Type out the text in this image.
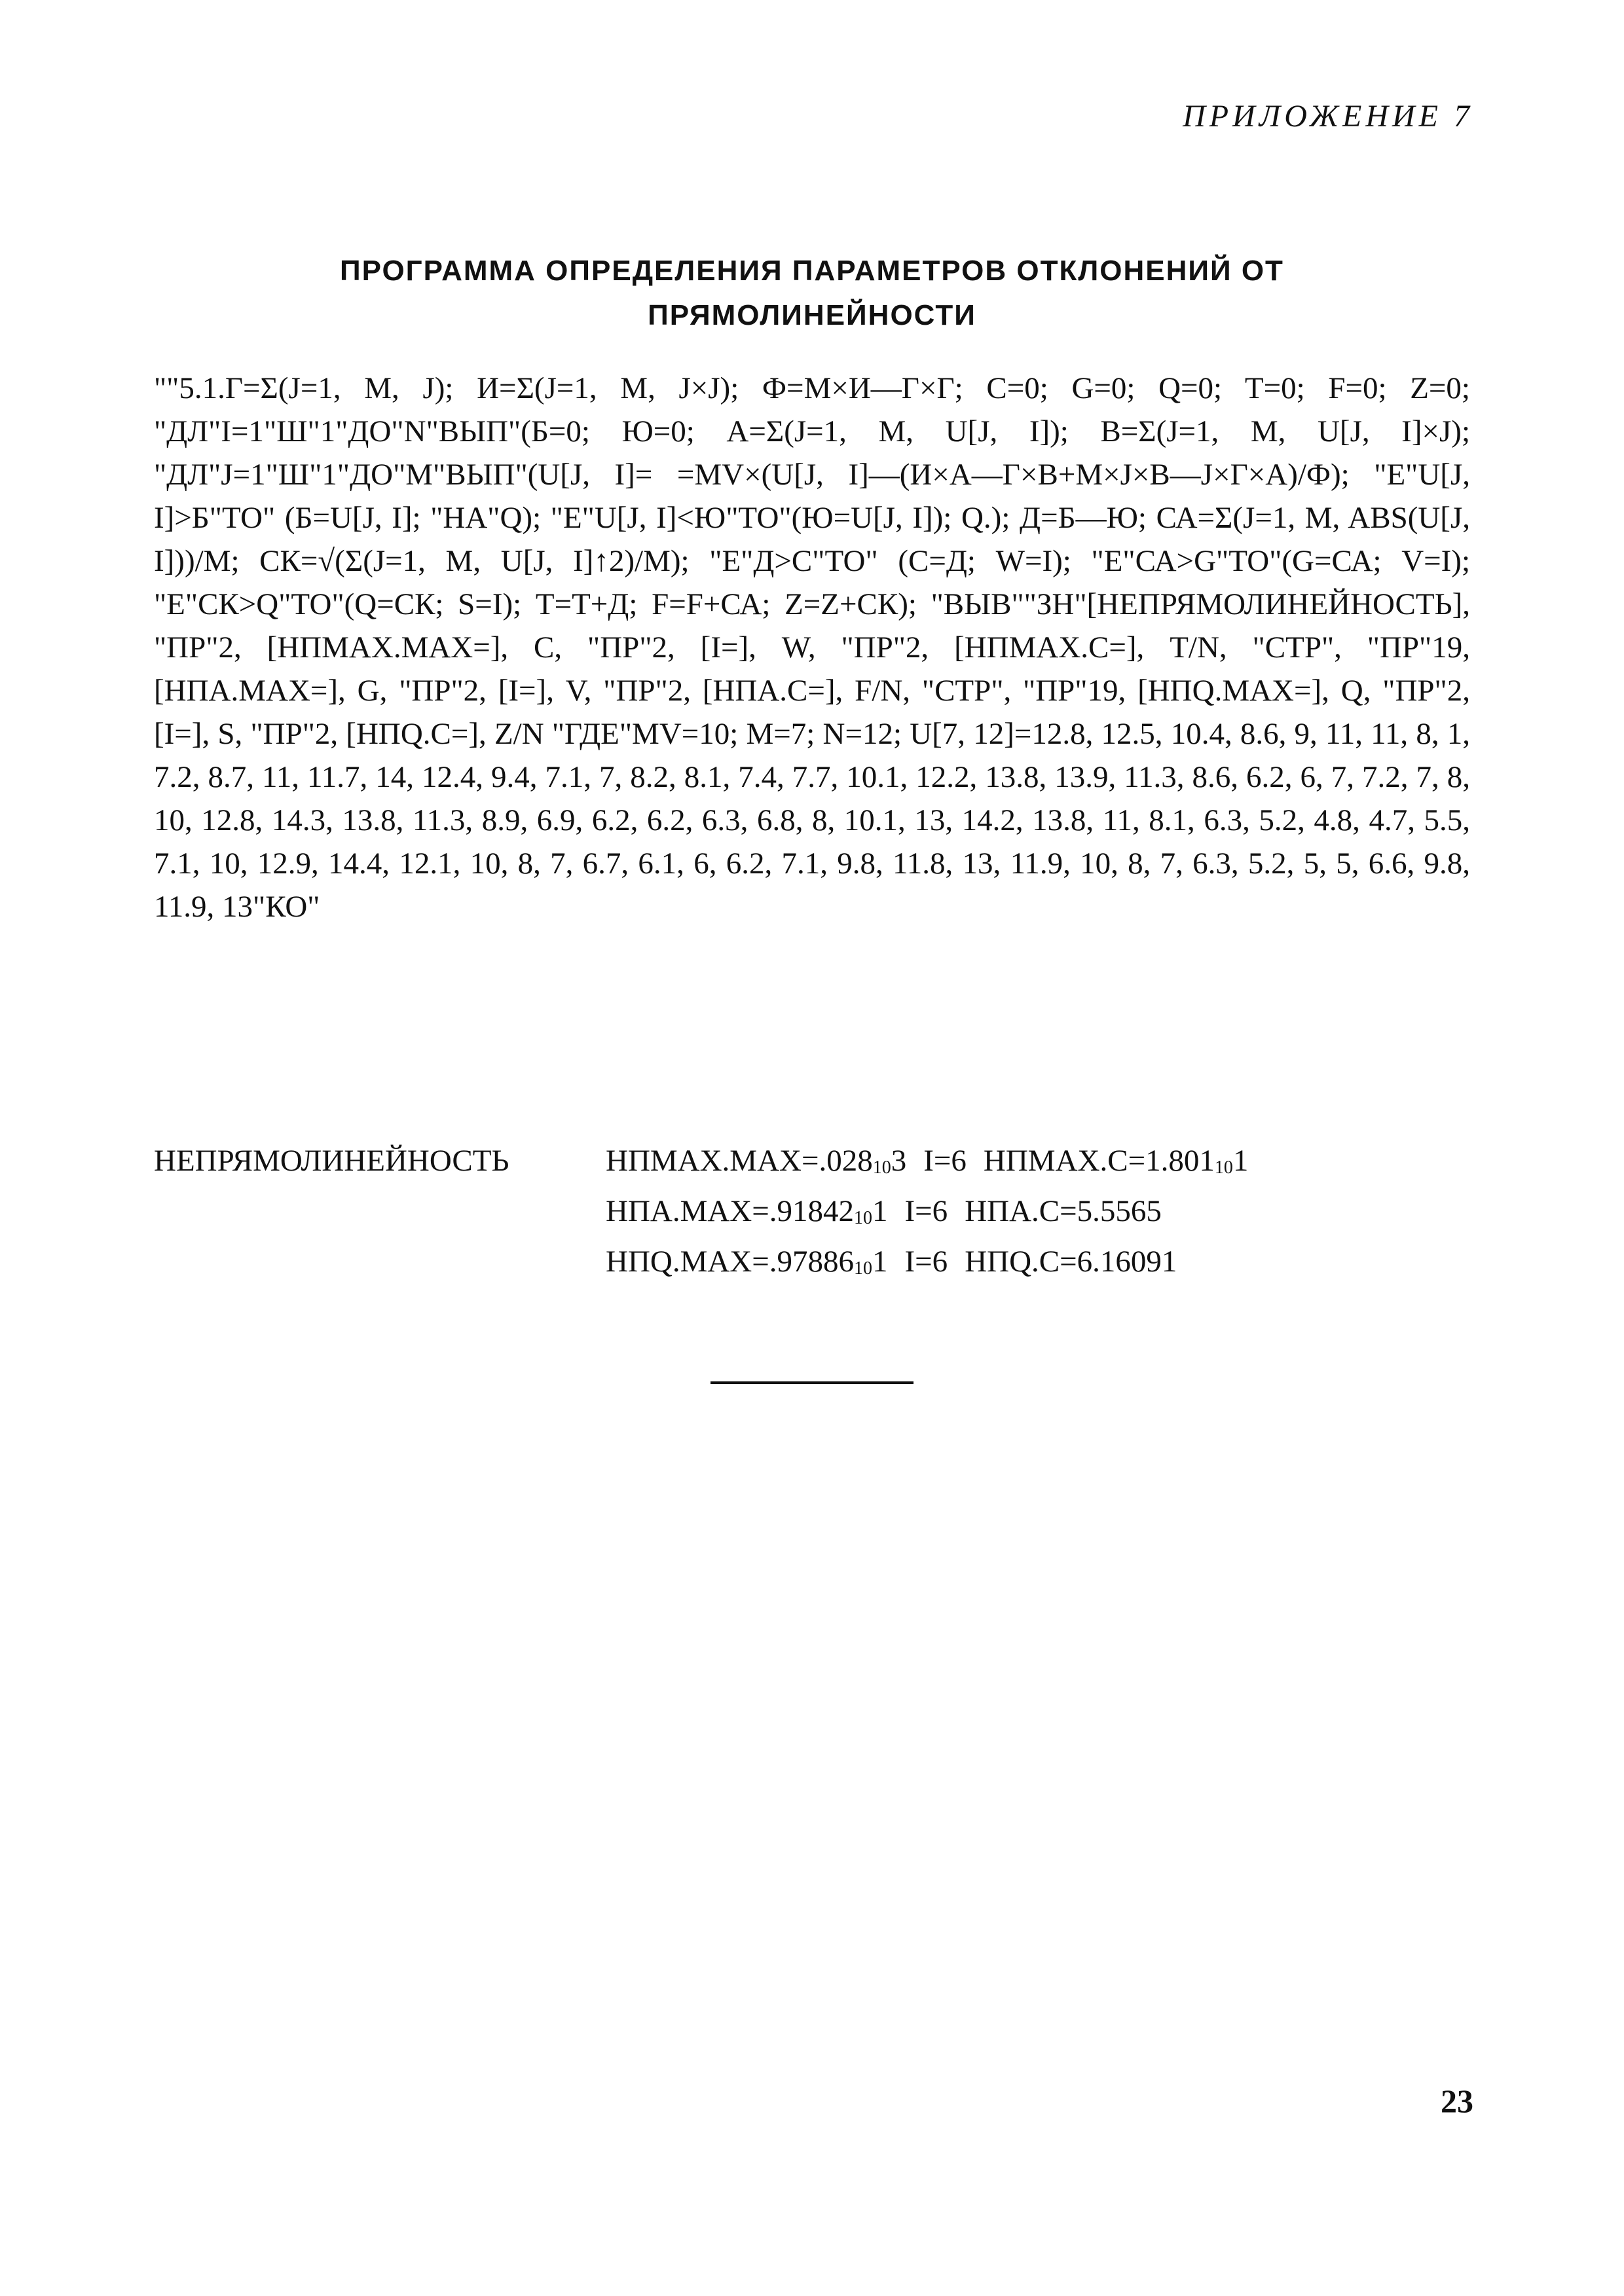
ПРИЛОЖЕНИЕ 7
ПРОГРАММА ОПРЕДЕЛЕНИЯ ПАРАМЕТРОВ ОТКЛОНЕНИЙ ОТ
ПРЯМОЛИНЕЙНОСТИ

""5.1.Г=Σ(J=1, M, J); И=Σ(J=1, M, J×J); Ф=M×И—Г×Г; С=0; G=0; Q=0; T=0; F=0; Z=0; "ДЛ"I=1"Ш"1"ДО"N"ВЫП"(Б=0; Ю=0; А=Σ(J=1, M, U[J, I]); В=Σ(J=1, M, U[J, I]×J); "ДЛ"J=1"Ш"1"ДО"M"ВЫП"(U[J, I]= =MV×(U[J, I]—(И×А—Г×В+M×J×В—J×Г×А)/Ф); "Е"U[J, I]>Б"ТО" (Б=U[J, I]; "НА"Q); "Е"U[J, I]<Ю"ТО"(Ю=U[J, I]); Q.); Д=Б—Ю; СА=Σ(J=1, M, ABS(U[J, I]))/M; СК=√(Σ(J=1, M, U[J, I]↑2)/M); "Е"Д>С"ТО" (С=Д; W=I); "Е"СА>G"ТО"(G=СА; V=I); "Е"СК>Q"ТО"(Q=СК; S=I); T=T+Д; F=F+СА; Z=Z+СК); "ВЫВ""ЗН"[НЕПРЯМОЛИНЕЙНОСТЬ], "ПР"2, [НПМАХ.МАХ=], С, "ПР"2, [I=], W, "ПР"2, [НПМАХ.С=], T/N, "СТР", "ПР"19, [НПА.МАХ=], G, "ПР"2, [I=], V, "ПР"2, [НПА.С=], F/N, "СТР", "ПР"19, [НПQ.МАХ=], Q, "ПР"2, [I=], S, "ПР"2, [НПQ.С=], Z/N "ГДЕ"MV=10; M=7; N=12; U[7, 12]=12.8, 12.5, 10.4, 8.6, 9, 11, 11, 8, 1, 7.2, 8.7, 11, 11.7, 14, 12.4, 9.4, 7.1, 7, 8.2, 8.1, 7.4, 7.7, 10.1, 12.2, 13.8, 13.9, 11.3, 8.6, 6.2, 6, 7, 7.2, 7, 8, 10, 12.8, 14.3, 13.8, 11.3, 8.9, 6.9, 6.2, 6.2, 6.3, 6.8, 8, 10.1, 13, 14.2, 13.8, 11, 8.1, 6.3, 5.2, 4.8, 4.7, 5.5, 7.1, 10, 12.9, 14.4, 12.1, 10, 8, 7, 6.7, 6.1, 6, 6.2, 7.1, 9.8, 11.8, 13, 11.9, 10, 8, 7, 6.3, 5.2, 5, 5, 6.6, 9.8, 11.9, 13"КО"

НЕПРЯМОЛИНЕЙНОСТЬ	$НПМАХ.МАХ=.028_{10}3$ I=6 $НПМАХ.С=1.801_{10}1$
$НПА.МАХ=.91842_{10}1$ I=6 НПА.С=5.5565
$НПQ.МАХ=.97886_{10}1$ I=6 НПQ.С=6.16091
23
